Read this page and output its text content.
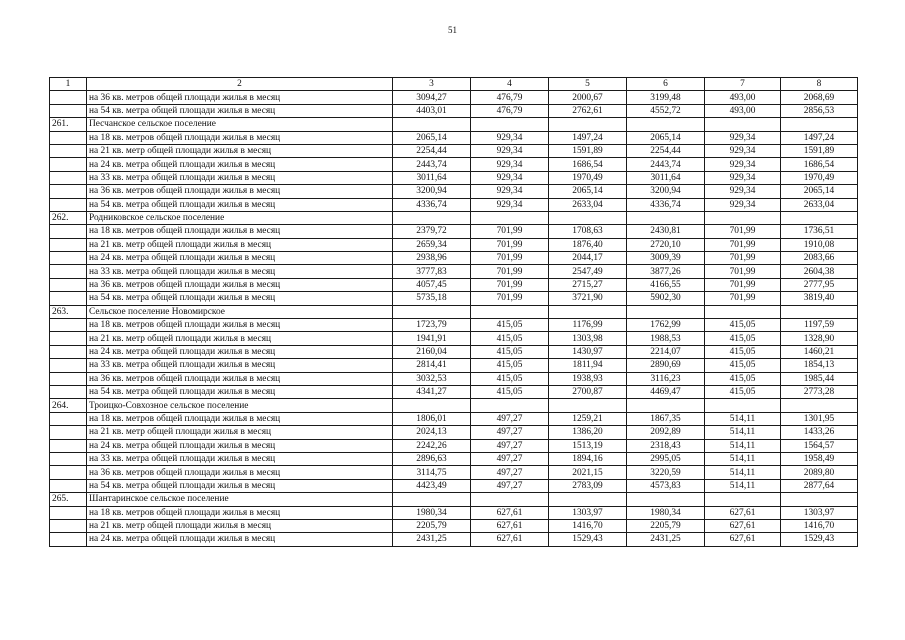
51
1	2	3	4	5	6	7	8
	на 36 кв. метров общей площади жилья в месяц	3094,27	476,79	2000,67	3199,48	493,00	2068,69
	на 54 кв. метра общей площади жилья в месяц	4403,01	476,79	2762,61	4552,72	493,00	2856,53
261.	Песчанское сельское поселение						
	на 18 кв. метров общей площади жилья в месяц	2065,14	929,34	1497,24	2065,14	929,34	1497,24
	на 21 кв. метр общей площади жилья в месяц	2254,44	929,34	1591,89	2254,44	929,34	1591,89
	на 24 кв. метра общей площади жилья в месяц	2443,74	929,34	1686,54	2443,74	929,34	1686,54
	на 33 кв. метра общей площади жилья в месяц	3011,64	929,34	1970,49	3011,64	929,34	1970,49
	на 36 кв. метров общей площади жилья в месяц	3200,94	929,34	2065,14	3200,94	929,34	2065,14
	на 54 кв. метра общей площади жилья в месяц	4336,74	929,34	2633,04	4336,74	929,34	2633,04
262.	Родниковское сельское поселение						
	на 18 кв. метров общей площади жилья в месяц	2379,72	701,99	1708,63	2430,81	701,99	1736,51
	на 21 кв. метр общей площади жилья в месяц	2659,34	701,99	1876,40	2720,10	701,99	1910,08
	на 24 кв. метра общей площади жилья в месяц	2938,96	701,99	2044,17	3009,39	701,99	2083,66
	на 33 кв. метра общей площади жилья в месяц	3777,83	701,99	2547,49	3877,26	701,99	2604,38
	на 36 кв. метров общей площади жилья в месяц	4057,45	701,99	2715,27	4166,55	701,99	2777,95
	на 54 кв. метра общей площади жилья в месяц	5735,18	701,99	3721,90	5902,30	701,99	3819,40
263.	Сельское поселение Новомирское						
	на 18 кв. метров общей площади жилья в месяц	1723,79	415,05	1176,99	1762,99	415,05	1197,59
	на 21 кв. метр общей площади жилья в месяц	1941,91	415,05	1303,98	1988,53	415,05	1328,90
	на 24 кв. метра общей площади жилья в месяц	2160,04	415,05	1430,97	2214,07	415,05	1460,21
	на 33 кв. метра общей площади жилья в месяц	2814,41	415,05	1811,94	2890,69	415,05	1854,13
	на 36 кв. метров общей площади жилья в месяц	3032,53	415,05	1938,93	3116,23	415,05	1985,44
	на 54 кв. метра общей площади жилья в месяц	4341,27	415,05	2700,87	4469,47	415,05	2773,28
264.	Троицко-Совхозное сельское поселение						
	на 18 кв. метров общей площади жилья в месяц	1806,01	497,27	1259,21	1867,35	514,11	1301,95
	на 21 кв. метр общей площади жилья в месяц	2024,13	497,27	1386,20	2092,89	514,11	1433,26
	на 24 кв. метра общей площади жилья в месяц	2242,26	497,27	1513,19	2318,43	514,11	1564,57
	на 33 кв. метра общей площади жилья в месяц	2896,63	497,27	1894,16	2995,05	514,11	1958,49
	на 36 кв. метров общей площади жилья в месяц	3114,75	497,27	2021,15	3220,59	514,11	2089,80
	на 54 кв. метра общей площади жилья в месяц	4423,49	497,27	2783,09	4573,83	514,11	2877,64
265.	Шантаринское сельское поселение						
	на 18 кв. метров общей площади жилья в месяц	1980,34	627,61	1303,97	1980,34	627,61	1303,97
	на 21 кв. метр общей площади жилья в месяц	2205,79	627,61	1416,70	2205,79	627,61	1416,70
	на 24 кв. метра общей площади жилья в месяц	2431,25	627,61	1529,43	2431,25	627,61	1529,43
